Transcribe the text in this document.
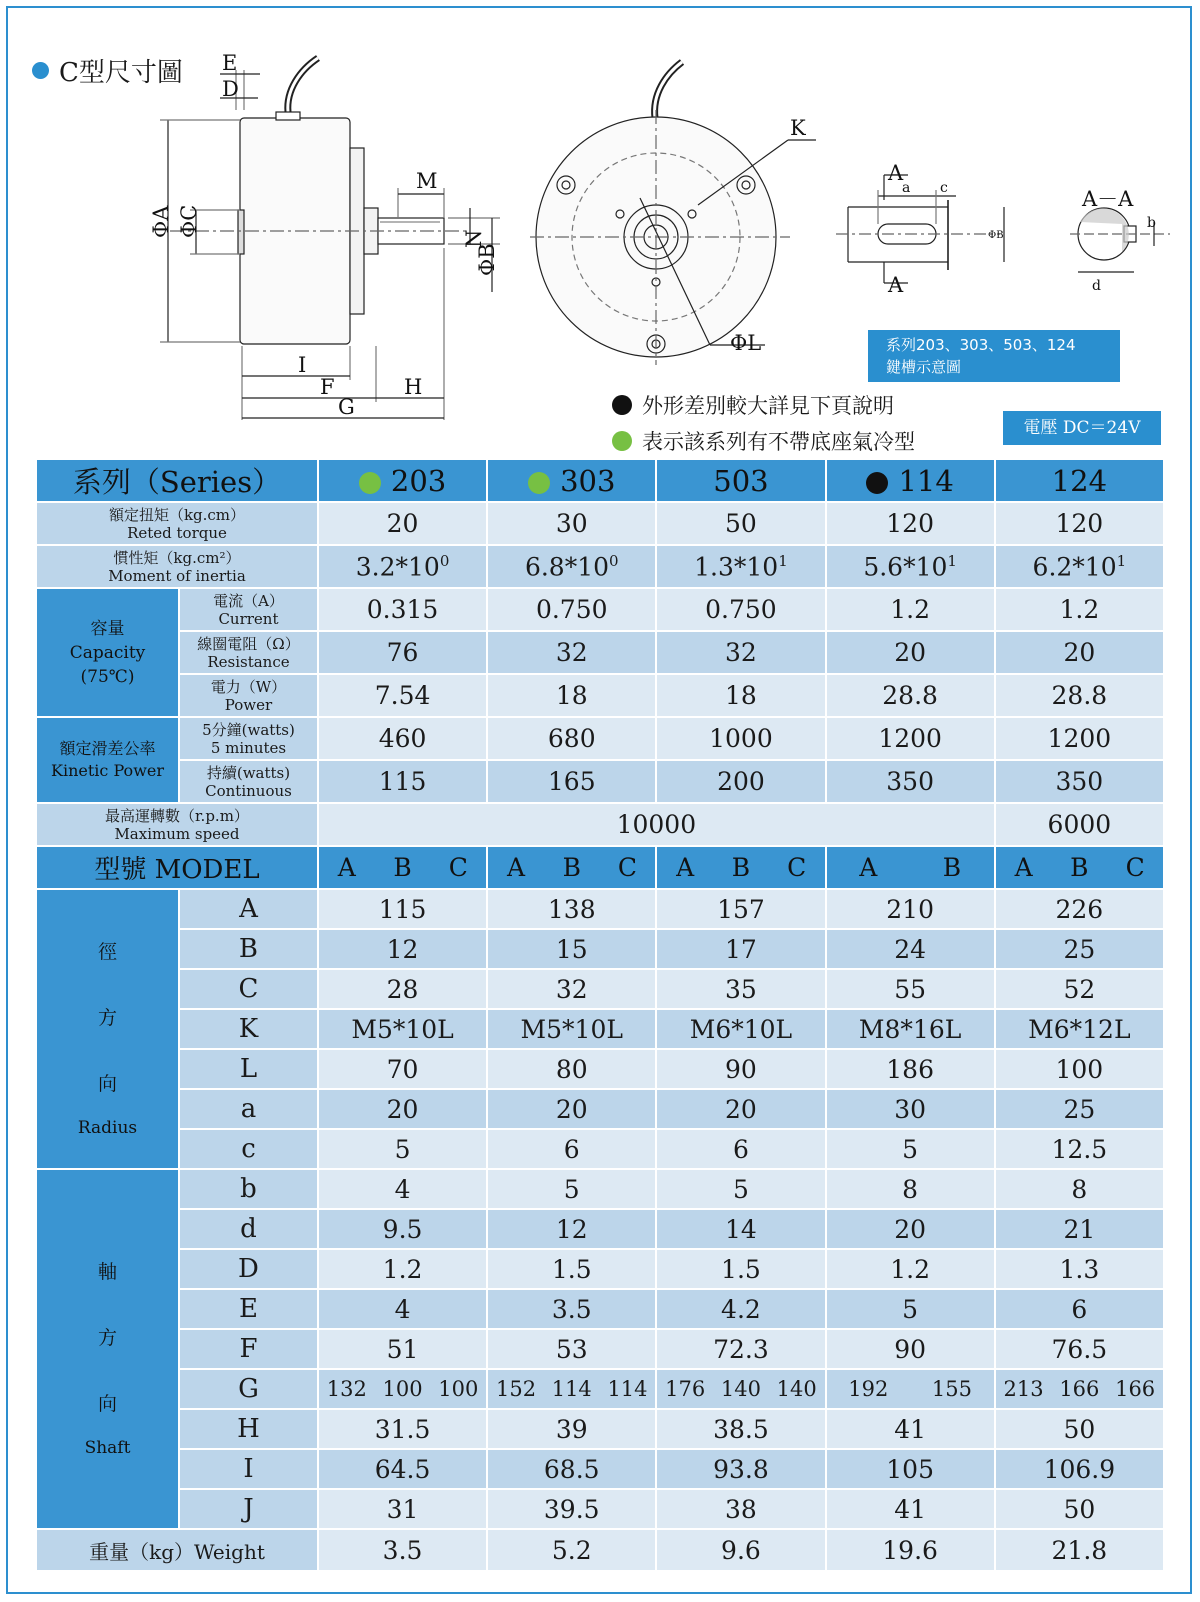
C型尺寸圖 E
D
ΦA ΦC
M
N
ΦB
I
F	H
G
K
ΦL
A
A
A－A
a c
ΦB
b
d
外形差別較大詳見下頁說明
表示該系列有不帶底座氣冷型
系列203、303、503、124
鍵槽示意圖
電壓 DC＝24V
系列（Series）		203	303	503	114	124

額定扭矩（kg.cm）
Reted torque		20	30	50	120	120

慣性矩（kg.cm²）
Moment of inertia		$3.2*10^0$	$6.8*10^0$	$1.3*10^1$	$5.6*10^1$	$6.2*10^1$

容量
Capacity
(75℃)	電流（A）
Current	0.315	0.750	0.750	1.2	1.2

	線圈電阻（Ω）
Resistance	76	32	32	20	20

	電力（W）
Power	7.54	18	18	28.8	28.8

額定滑差公率
Kinetic Power	5分鐘(watts)
5 minutes	460	680	1000	1200	1200

	持續(watts)
Continuous	115	165	200	350	350

最高運轉數（r.p.m）
Maximum speed		10000				6000
型號 MODEL		A B C	A B C	A B C	A B	A B C

徑
方
向
Radius	A	115	138	157	210	226
	B	12	15	17	24	25
	C	28	32	35	55	52
	K	M5*10L	M5*10L	M6*10L	M8*16L	M6*12L
	L	70	80	90	186	100
	a	20	20	20	30	25
	c	5	6	6	5	12.5

軸
方
向
Shaft	b	4	5	5	8	8
	d	9.5	12	14	20	21
	D	1.2	1.5	1.5	1.2	1.3
	E	4	3.5	4.2	5	6
	F	51	53	72.3	90	76.5
	G	132 100 100	152 114 114	176 140 140	192 155	213 166 166

	H	31.5	39	38.5	41	50
	I	64.5	68.5	93.8	105	106.9
	J	31	39.5	38	41	50
重量（kg）Weight		3.5	5.2	9.6	19.6	21.8
